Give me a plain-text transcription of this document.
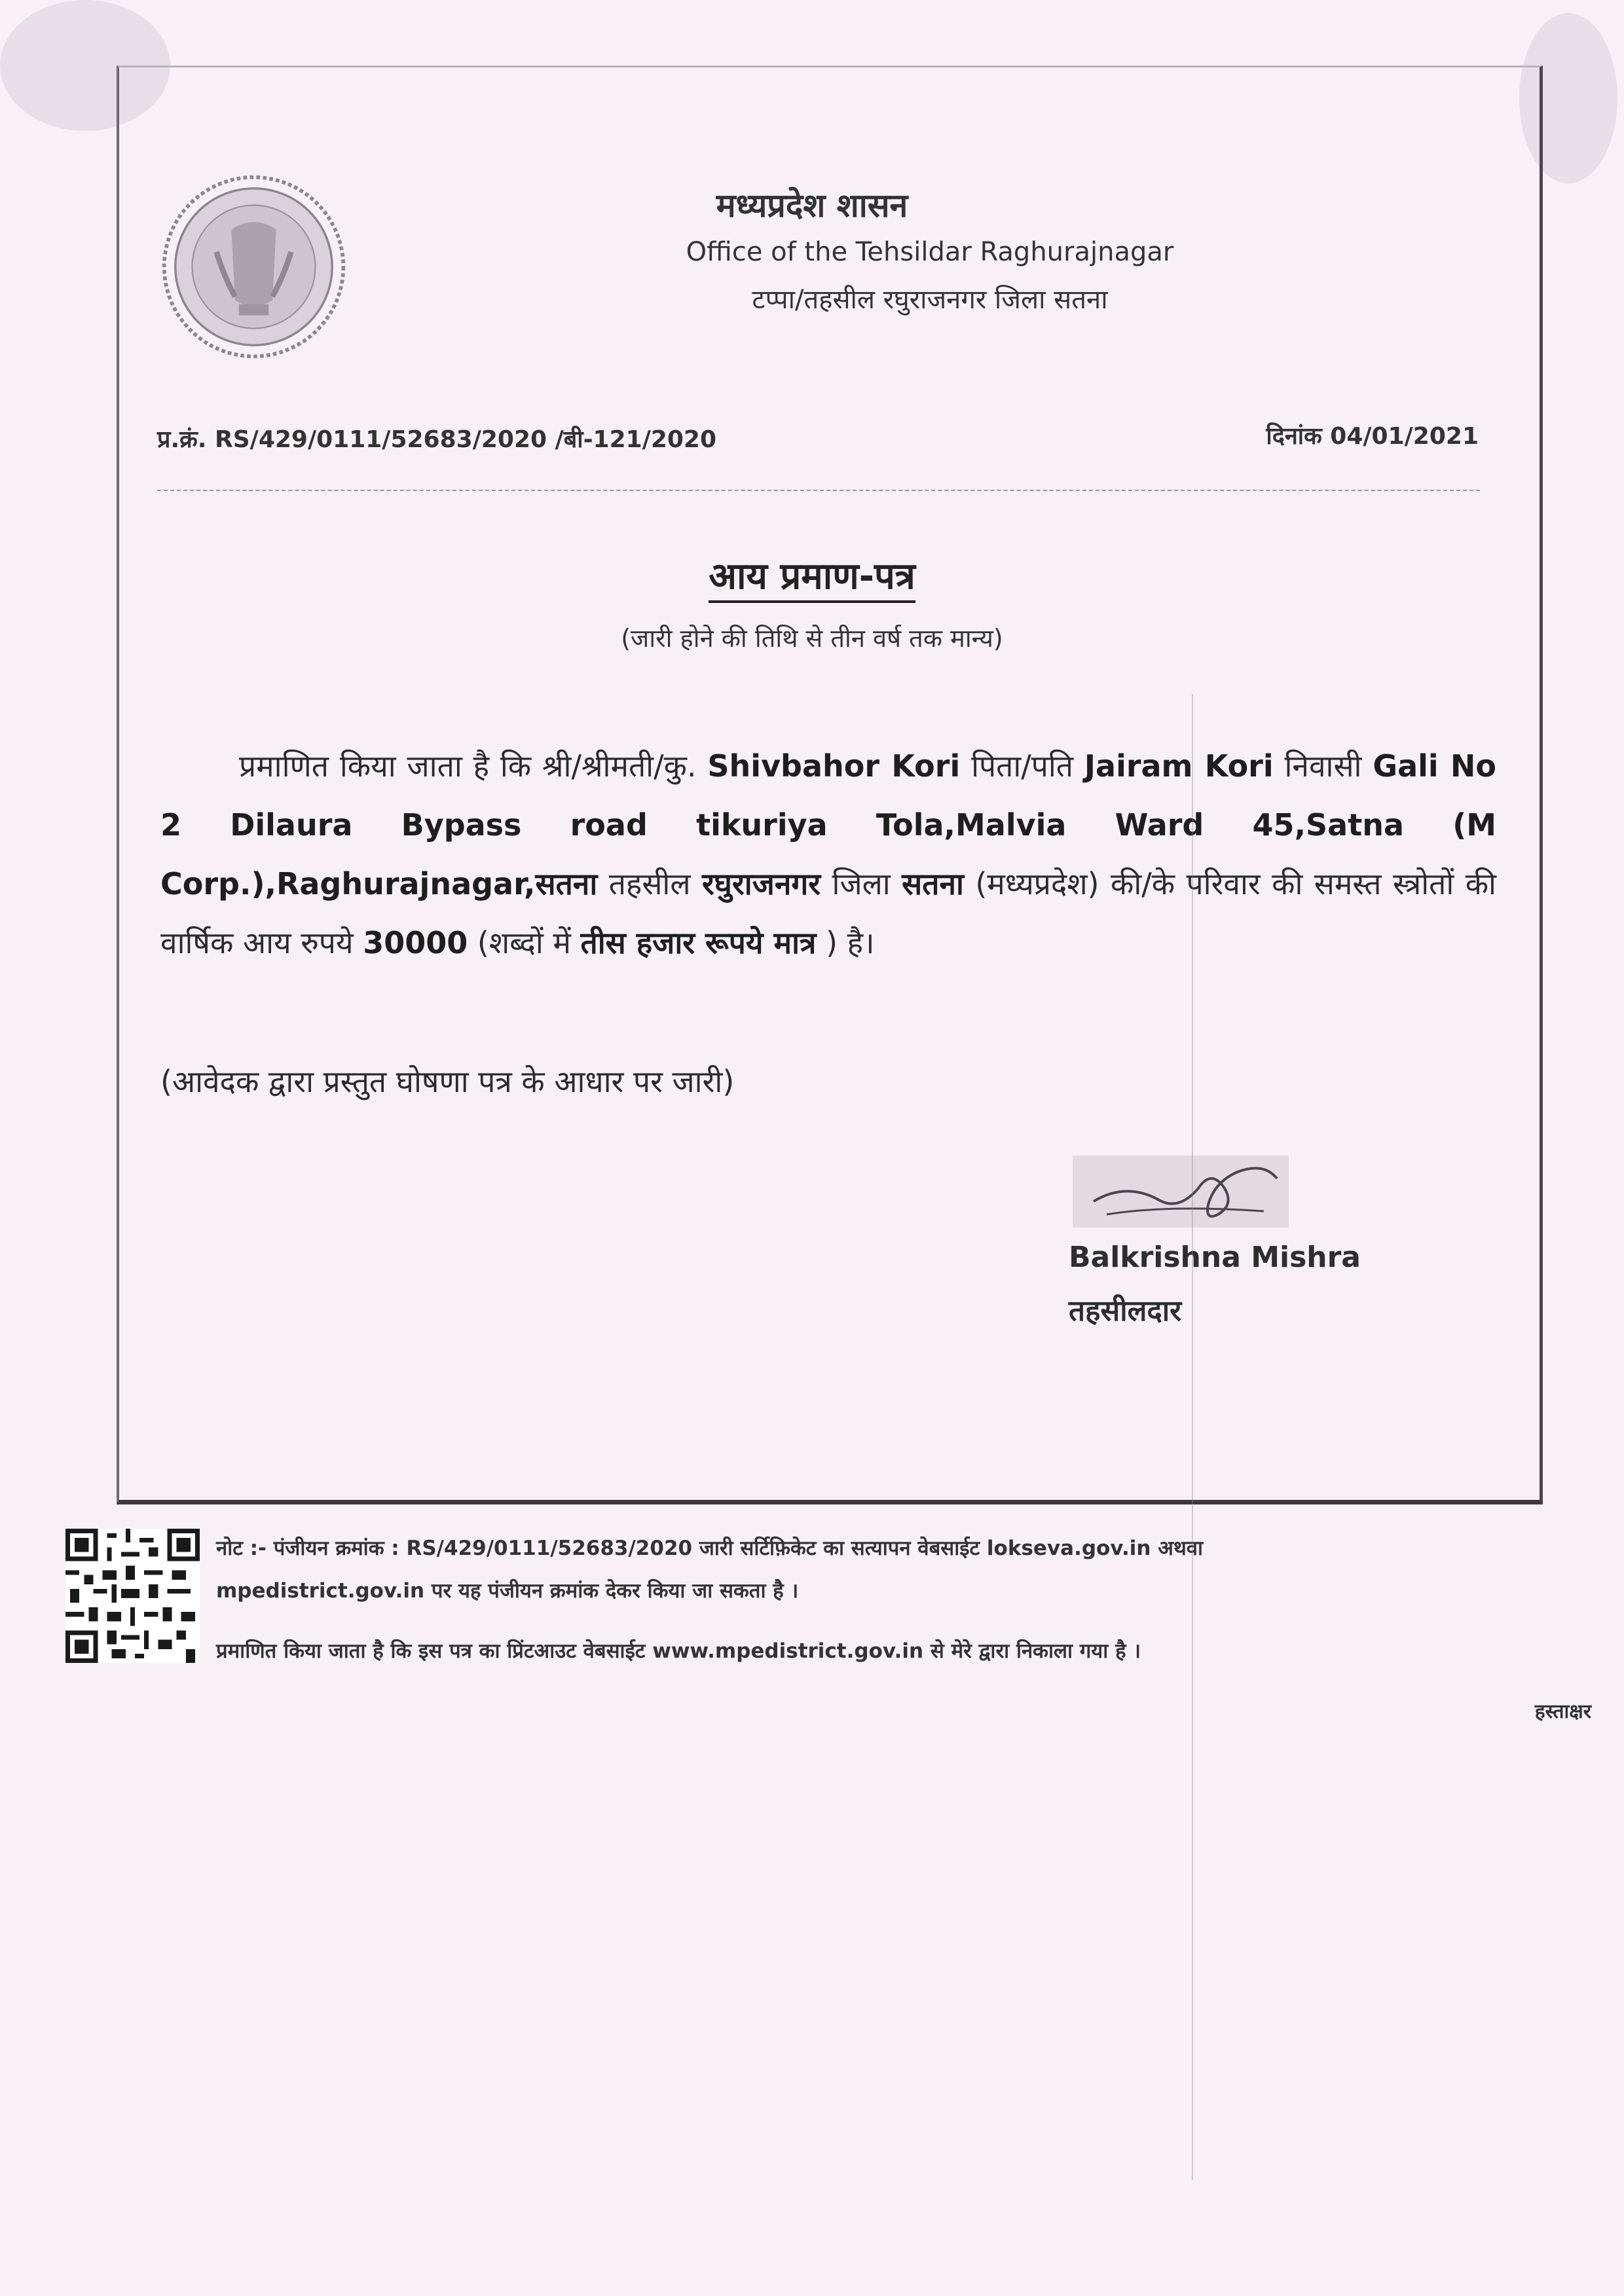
मध्यप्रदेश शासन
Office of the Tehsildar Raghurajnagar
टप्पा/तहसील रघुराजनगर जिला सतना
प्र.क्रं. RS/429/0111/52683/2020 /बी-121/2020	दिनांक 04/01/2021
आय प्रमाण-पत्र
(जारी होने की तिथि से तीन वर्ष तक मान्य)
प्रमाणित किया जाता है कि श्री/श्रीमती/कु. Shivbahor Kori पिता/पति Jairam Kori निवासी Gali No 2 Dilaura Bypass road tikuriya Tola,Malvia Ward 45,Satna (M Corp.),Raghurajnagar,सतना तहसील रघुराजनगर जिला सतना (मध्यप्रदेश) की/के परिवार की समस्त स्त्रोतों की वार्षिक आय रुपये 30000 (शब्दों में तीस हजार रूपये मात्र ) है।
(आवेदक द्वारा प्रस्तुत घोषणा पत्र के आधार पर जारी)
Balkrishna Mishra
तहसीलदार
नोट :- पंजीयन क्रमांक : RS/429/0111/52683/2020 जारी सर्टिफ़िकेट का सत्यापन वेबसाईट lokseva.gov.in अथवा
mpedistrict.gov.in पर यह पंजीयन क्रमांक देकर किया जा सकता है ।
प्रमाणित किया जाता है कि इस पत्र का प्रिंटआउट वेबसाईट www.mpedistrict.gov.in से मेरे द्वारा निकाला गया है ।
हस्ताक्षर
